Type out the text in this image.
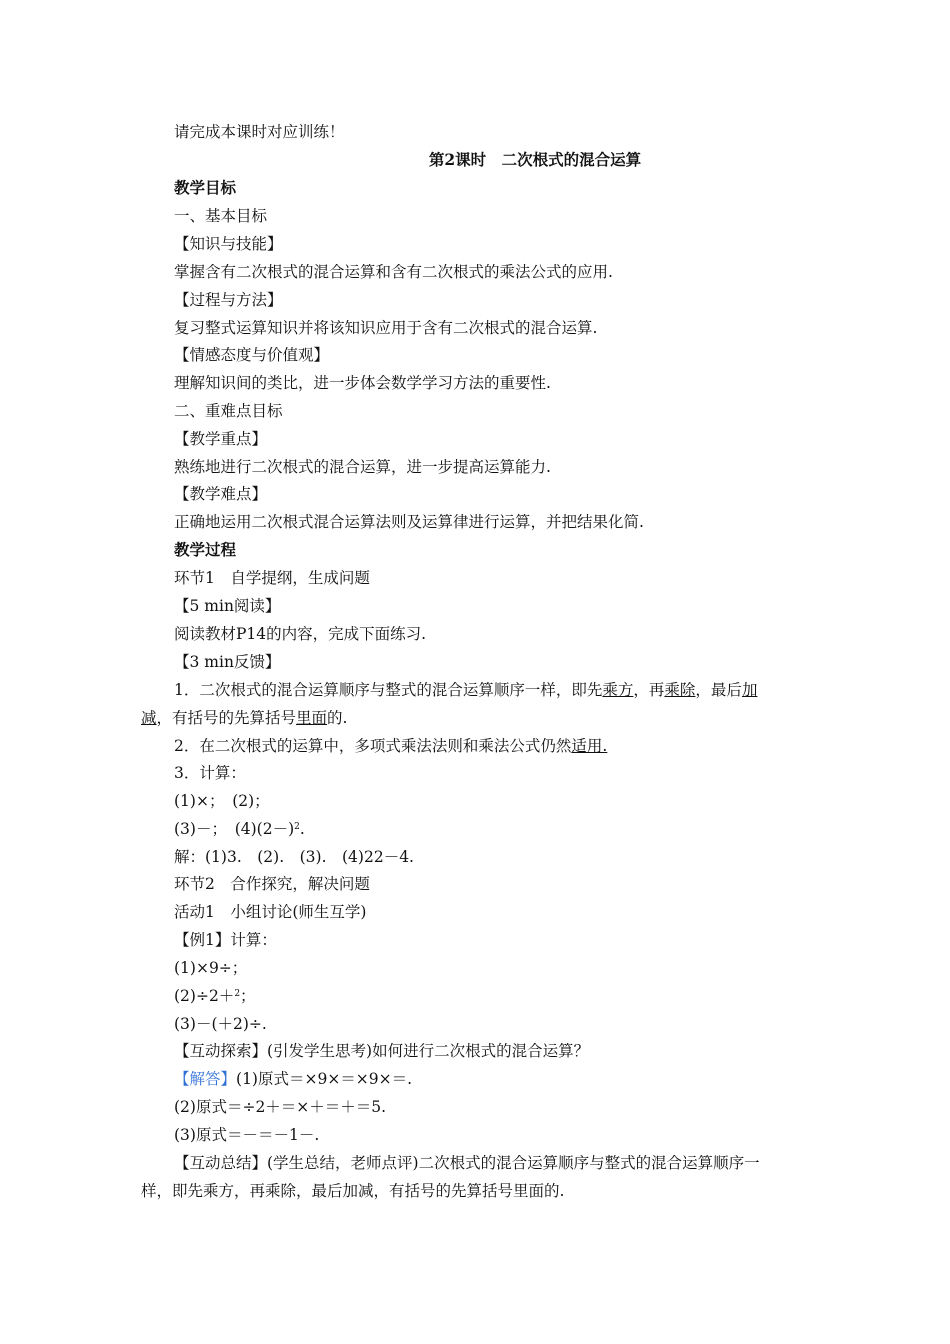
请完成本课时对应训练！
第2课时　二次根式的混合运算
教学目标
一、基本目标
【知识与技能】
掌握含有二次根式的混合运算和含有二次根式的乘法公式的应用.
【过程与方法】
复习整式运算知识并将该知识应用于含有二次根式的混合运算.
【情感态度与价值观】
理解知识间的类比，进一步体会数学学习方法的重要性.
二、重难点目标
【教学重点】
熟练地进行二次根式的混合运算，进一步提高运算能力.
【教学难点】
正确地运用二次根式混合运算法则及运算律进行运算，并把结果化简.
教学过程
环节1　自学提纲，生成问题
【5 min阅读】
阅读教材P14的内容，完成下面练习.
【3 min反馈】
1．二次根式的混合运算顺序与整式的混合运算顺序一样，即先乘方，再乘除，最后加
减，有括号的先算括号里面的.
2．在二次根式的运算中，多项式乘法法则和乘法公式仍然适用.
3．计算：
(1)×；　(2)；
(3)－；　$(4)(2-)^2$.
解：(1)3.　(2).　(3).　(4)22－4.
环节2　合作探究，解决问题
活动1　小组讨论(师生互学)
【例1】计算：
(1)×9÷；
(2)÷2＋$^2$；
(3)－(＋2)÷.
【互动探索】(引发学生思考)如何进行二次根式的混合运算？
【解答】(1)原式＝×9×＝×9×＝.
(2)原式＝÷2＋＝×＋＝＋＝5.
(3)原式＝－＝－1－.
【互动总结】(学生总结，老师点评)二次根式的混合运算顺序与整式的混合运算顺序一
样，即先乘方，再乘除，最后加减，有括号的先算括号里面的.
